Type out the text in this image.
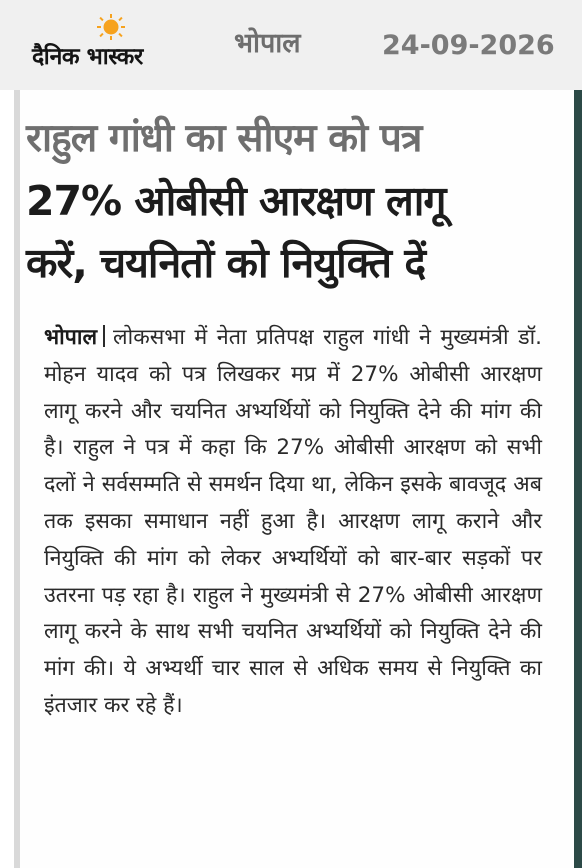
दैनिक भास्कर	भोपाल	24-09-2026
राहुल गांधी का सीएम को पत्र
27% ओबीसी आरक्षण लागू
करें, चयनितों को नियुक्ति दें

भोपाल लोकसभा में नेता प्रतिपक्ष राहुल गांधी ने मुख्यमंत्री डॉ. मोहन यादव को पत्र लिखकर मप्र में 27% ओबीसी आरक्षण लागू करने और चयनित अभ्यर्थियों को नियुक्ति देने की मांग की है। राहुल ने पत्र में कहा कि 27% ओबीसी आरक्षण को सभी दलों ने सर्वसम्मति से समर्थन दिया था, लेकिन इसके बावजूद अब तक इसका समाधान नहीं हुआ है। आरक्षण लागू कराने और नियुक्ति की मांग को लेकर अभ्यर्थियों को बार-बार सड़कों पर उतरना पड़ रहा है। राहुल ने मुख्यमंत्री से 27% ओबीसी आरक्षण लागू करने के साथ सभी चयनित अभ्यर्थियों को नियुक्ति देने की मांग की। ये अभ्यर्थी चार साल से अधिक समय से नियुक्ति का इंतजार कर रहे हैं।
